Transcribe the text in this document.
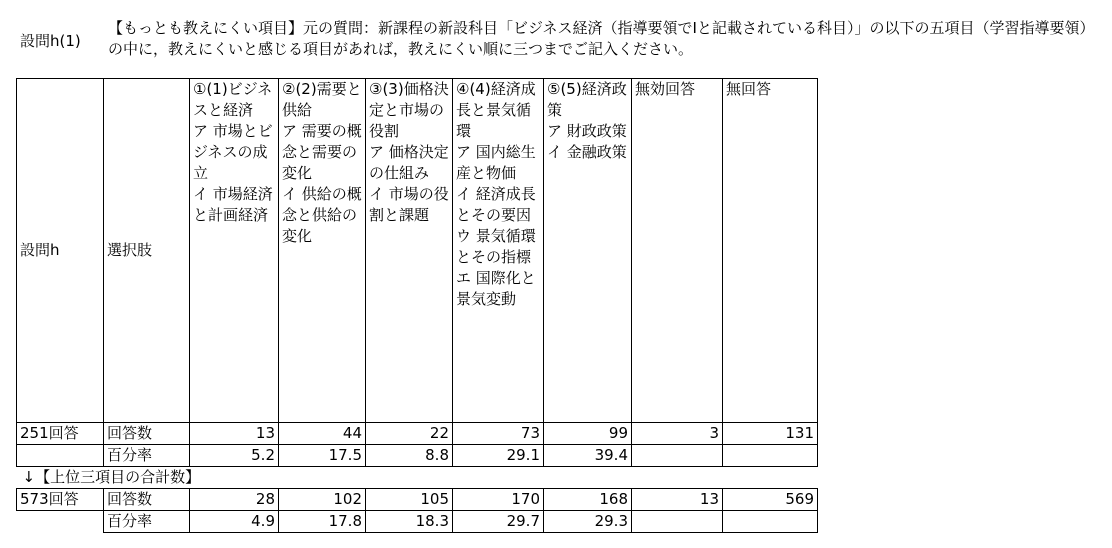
設問h(1)
【もっとも教えにくい項目】元の質問：新課程の新設科目「ビジネス経済（指導要領でⅠと記載されている科目）」の以下の五項目（学習指導要領）の中に，教えにくいと感じる項目があれば，教えにくい順に三つまでご記入ください。
設問h	選択肢	①(1)ビジネスと経済
ア 市場とビジネスの成立
イ 市場経済と計画経済	②(2)需要と供給
ア 需要の概念と需要の変化
イ 供給の概念と供給の変化	③(3)価格決定と市場の役割
ア 価格決定の仕組み
イ 市場の役割と課題	④(4)経済成長と景気循環
ア 国内総生産と物価
イ 経済成長とその要因
ウ 景気循環とその指標
エ 国際化と景気変動	⑤(5)経済政策
ア 財政政策
イ 金融政策	無効回答	無回答
251回答	回答数	13	44	22	73	99	3	131
	百分率	5.2	17.5	8.8	29.1	39.4		
↓【上位三項目の合計数】								
573回答	回答数	28	102	105	170	168	13	569
	百分率	4.9	17.8	18.3	29.7	29.3		
